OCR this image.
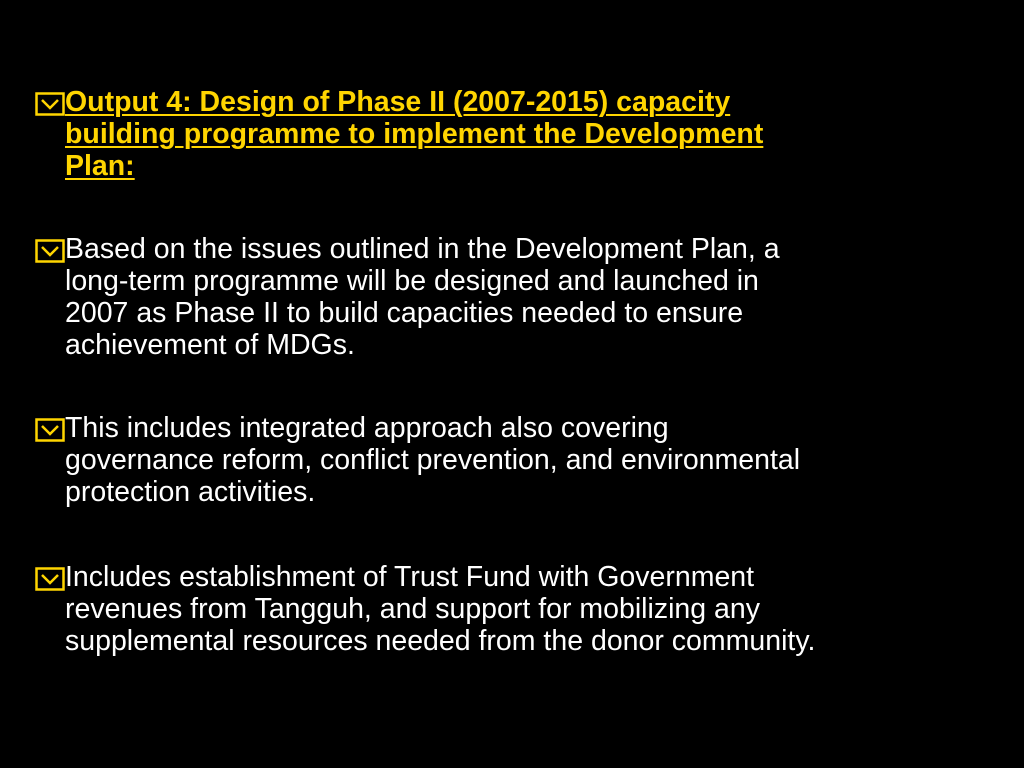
Output 4: Design of Phase II (2007-2015) capacity
building programme to implement the Development
Plan:
Based on the issues outlined in the Development Plan, a
long-term programme will be designed and launched in
2007 as Phase II to build capacities needed to ensure
achievement of MDGs.
This includes integrated approach also covering
governance reform, conflict prevention, and environmental
protection activities.
Includes establishment of Trust Fund with Government
revenues from Tangguh, and support for mobilizing any
supplemental resources needed from the donor community.
